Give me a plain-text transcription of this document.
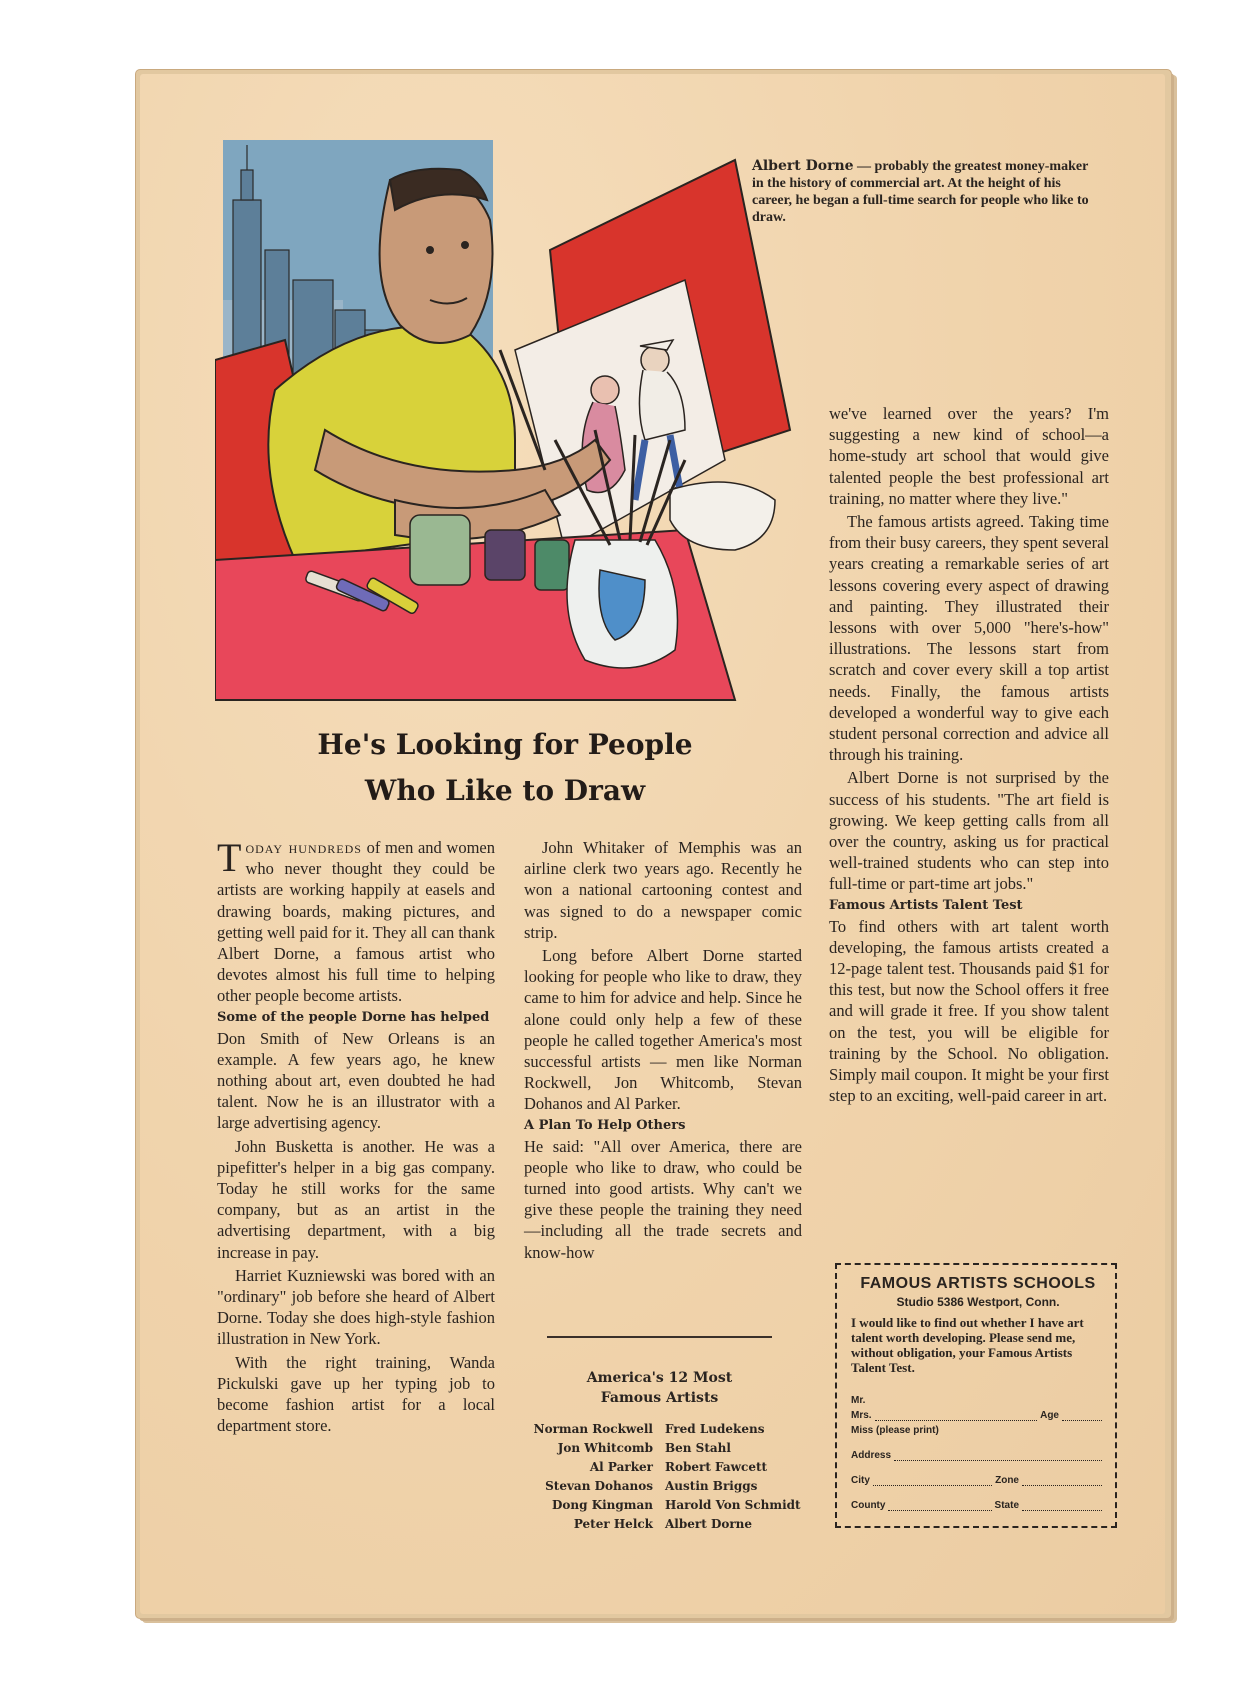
Albert Dorne — probably the greatest money-maker in the history of commercial art. At the height of his career, he began a full-time search for people who like to draw.
He's Looking for People
Who Like to Draw

Today hundreds of men and women who never thought they could be artists are working happily at easels and drawing boards, making pictures, and getting well paid for it. They all can thank Albert Dorne, a famous artist who devotes almost his full time to helping other people become artists.

Some of the people Dorne has helped

Don Smith of New Orleans is an example. A few years ago, he knew nothing about art, even doubted he had talent. Now he is an illustrator with a large advertising agency.

John Busketta is another. He was a pipefitter's helper in a big gas company. Today he still works for the same company, but as an artist in the advertising department, with a big increase in pay.

Harriet Kuzniewski was bored with an "ordinary" job before she heard of Albert Dorne. Today she does high-style fashion illustration in New York.

With the right training, Wanda Pickulski gave up her typing job to become fashion artist for a local department store.

John Whitaker of Memphis was an airline clerk two years ago. Recently he won a national cartooning contest and was signed to do a newspaper comic strip.

Long before Albert Dorne started looking for people who like to draw, they came to him for advice and help. Since he alone could only help a few of these people he called together America's most successful artists — men like Norman Rockwell, Jon Whitcomb, Stevan Dohanos and Al Parker.

A Plan To Help Others

He said: "All over America, there are people who like to draw, who could be turned into good artists. Why can't we give these people the training they need—including all the trade secrets and know-how

we've learned over the years? I'm suggesting a new kind of school—a home-study art school that would give talented people the best professional art training, no matter where they live."

The famous artists agreed. Taking time from their busy careers, they spent several years creating a remarkable series of art lessons covering every aspect of drawing and painting. They illustrated their lessons with over 5,000 "here's-how" illustrations. The lessons start from scratch and cover every skill a top artist needs. Finally, the famous artists developed a wonderful way to give each student personal correction and advice all through his training.

Albert Dorne is not surprised by the success of his students. "The art field is growing. We keep getting calls from all over the country, asking us for practical well-trained students who can step into full-time or part-time art jobs."

Famous Artists Talent Test

To find others with art talent worth developing, the famous artists created a 12-page talent test. Thousands paid $1 for this test, but now the School offers it free and will grade it free. If you show talent on the test, you will be eligible for training by the School. No obligation. Simply mail coupon. It might be your first step to an exciting, well-paid career in art.

America's 12 Most
Famous Artists
Norman Rockwell	Fred Ludekens
Jon Whitcomb	Ben Stahl
Al Parker	Robert Fawcett
Stevan Dohanos	Austin Briggs
Dong Kingman	Harold Von Schmidt
Peter Helck	Albert Dorne
FAMOUS ARTISTS SCHOOLS
Studio 5386 Westport, Conn.
I would like to find out whether I have art talent worth developing. Please send me, without obligation, your Famous Artists Talent Test.
Mr.
Mrs.	Age
Miss (please print)
Address
City	Zone
County	State
